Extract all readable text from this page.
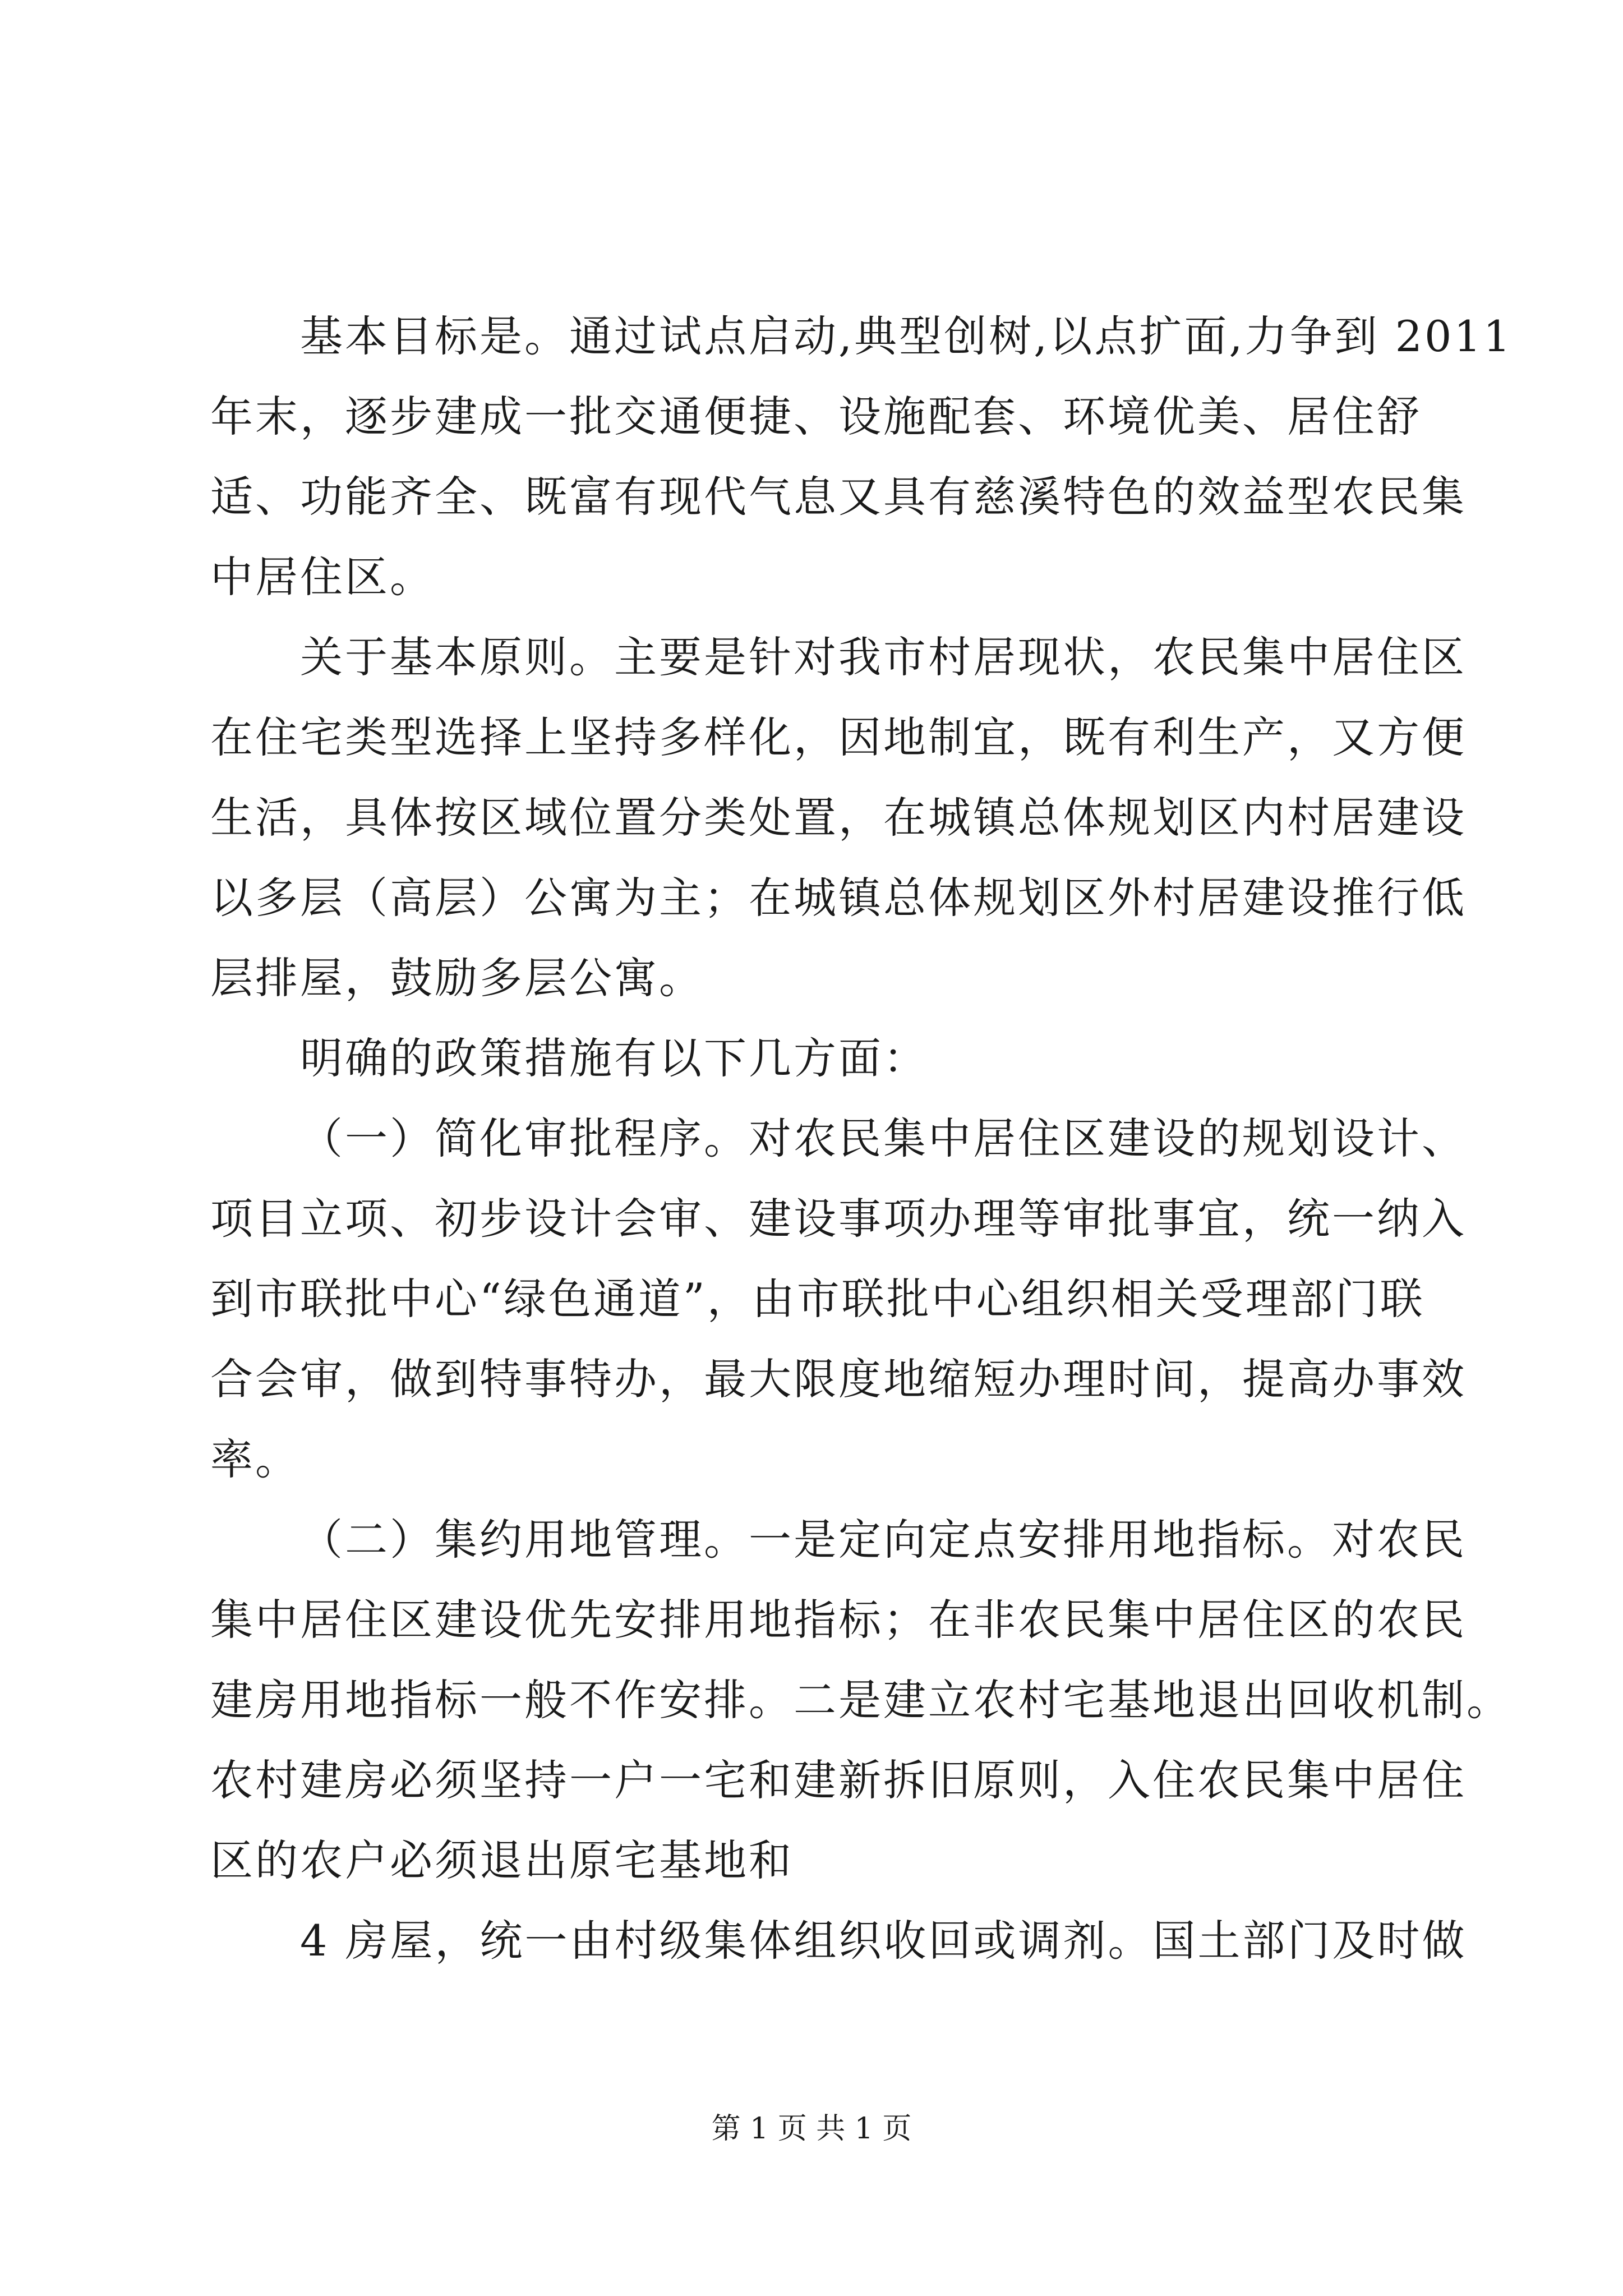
基本目标是。通过试点启动,典型创树,以点扩面,力争到 2011
年末，逐步建成一批交通便捷、设施配套、环境优美、居住舒
适、功能齐全、既富有现代气息又具有慈溪特色的效益型农民集
中居住区。
关于基本原则。主要是针对我市村居现状，农民集中居住区
在住宅类型选择上坚持多样化，因地制宜，既有利生产，又方便
生活，具体按区域位置分类处置，在城镇总体规划区内村居建设
以多层（高层）公寓为主；在城镇总体规划区外村居建设推行低
层排屋，鼓励多层公寓。
明确的政策措施有以下几方面：
（一）简化审批程序。对农民集中居住区建设的规划设计、
项目立项、初步设计会审、建设事项办理等审批事宜，统一纳入
到市联批中心“绿色通道”，由市联批中心组织相关受理部门联
合会审，做到特事特办，最大限度地缩短办理时间，提高办事效
率。
（二）集约用地管理。一是定向定点安排用地指标。对农民
集中居住区建设优先安排用地指标；在非农民集中居住区的农民
建房用地指标一般不作安排。二是建立农村宅基地退出回收机制。
农村建房必须坚持一户一宅和建新拆旧原则，入住农民集中居住
区的农户必须退出原宅基地和
4 房屋，统一由村级集体组织收回或调剂。国土部门及时做
第 1 页 共 1 页
